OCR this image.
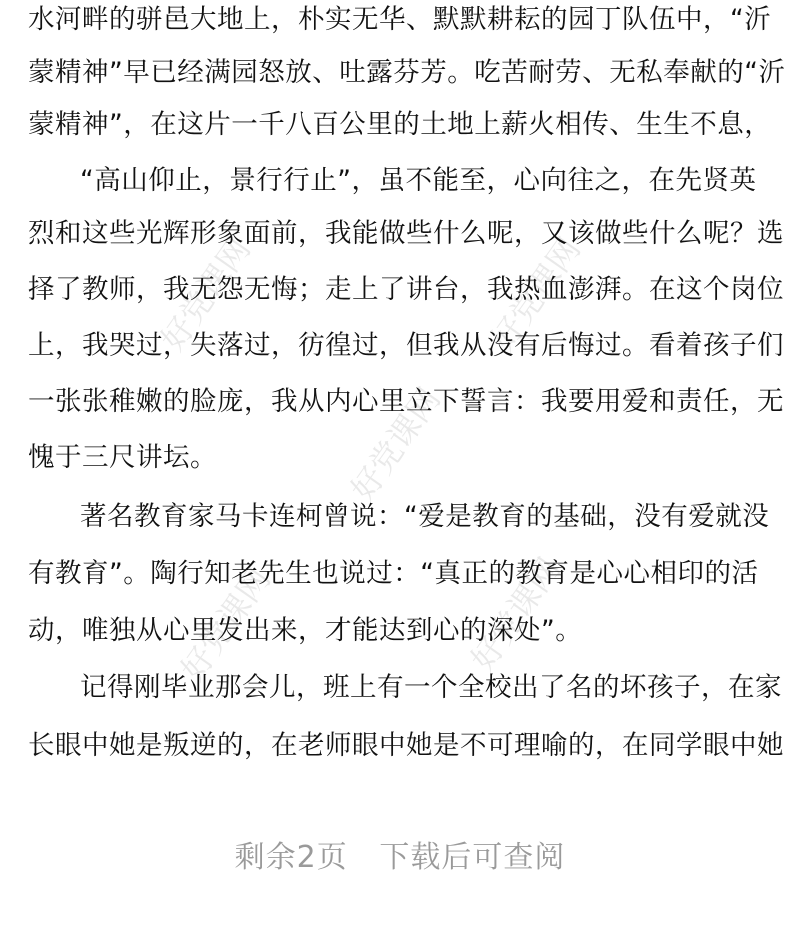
好党课网	好党课网
好党课网
好党课网	好党课网
水河畔的骈邑大地上，朴实无华、默默耕耘的园丁队伍中，“沂
蒙精神”早已经满园怒放、吐露芬芳。吃苦耐劳、无私奉献的“沂
蒙精神”，在这片一千八百公里的土地上薪火相传、生生不息，
“高山仰止，景行行止”，虽不能至，心向往之，在先贤英
烈和这些光辉形象面前，我能做些什么呢，又该做些什么呢？选
择了教师，我无怨无悔；走上了讲台，我热血澎湃。在这个岗位
上，我哭过，失落过，彷徨过，但我从没有后悔过。看着孩子们
一张张稚嫩的脸庞，我从内心里立下誓言：我要用爱和责任，无
愧于三尺讲坛。
著名教育家马卡连柯曾说：“爱是教育的基础，没有爱就没
有教育”。陶行知老先生也说过：“真正的教育是心心相印的活
动，唯独从心里发出来，才能达到心的深处”。
记得刚毕业那会儿，班上有一个全校出了名的坏孩子，在家
长眼中她是叛逆的，在老师眼中她是不可理喻的，在同学眼中她
剩余2页   下载后可查阅
